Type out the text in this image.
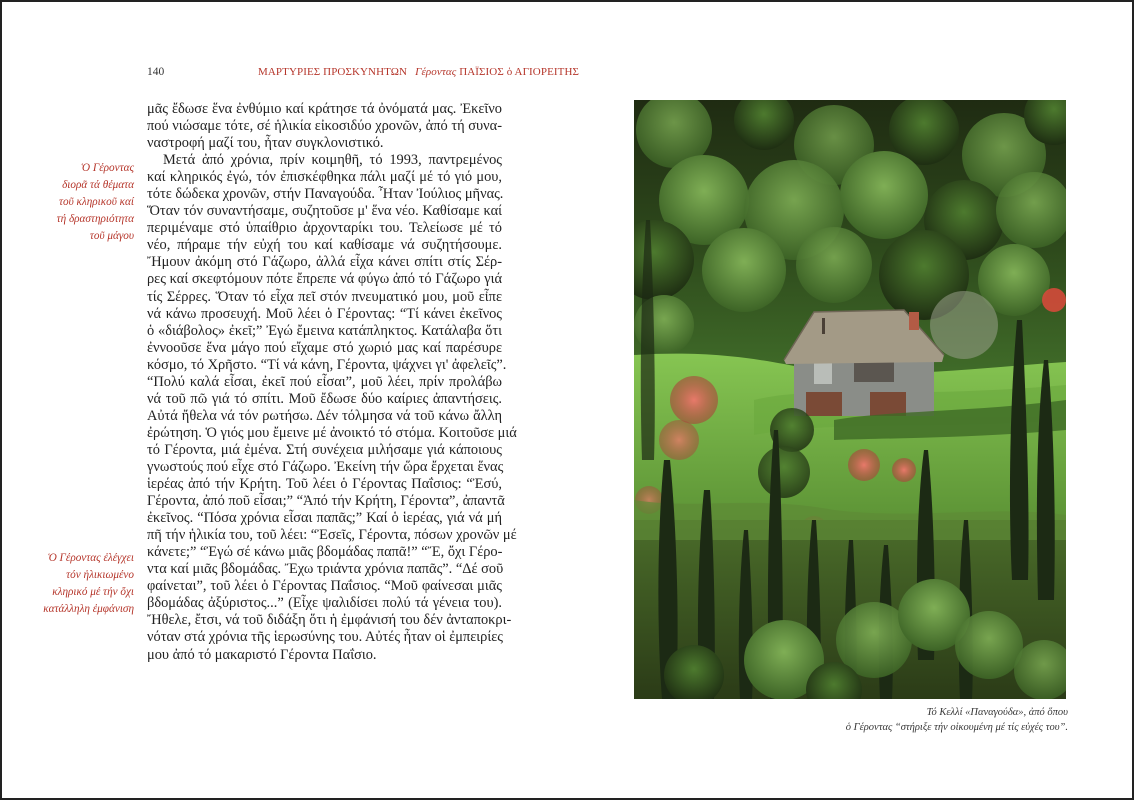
140	ΜΑΡΤΥΡΙΕΣ ΠΡΟΣΚΥΝΗΤΩΝ Γέροντας ΠΑΪΣΙΟΣ ὁ ΑΓΙΟΡΕΙΤΗΣ

μᾶς ἔδωσε ἕνα ἐνθύμιο καί κράτησε τά ὀνόματά μας. Ἐκεῖνο
πού νιώσαμε τότε, σέ ἡλικία εἰκοσιδύο χρονῶν, ἀπό τή συνα-
ναστροφή μαζί του, ἦταν συγκλονιστικό.

Μετά ἀπό χρόνια, πρίν κοιμηθῆ, τό 1993, παντρεμένος
καί κληρικός ἐγώ, τόν ἐπισκέφθηκα πάλι μαζί μέ τό γιό μου,
τότε δώδεκα χρονῶν, στήν Παναγούδα. Ἦταν Ἰούλιος μῆνας.
Ὅταν τόν συναντήσαμε, συζητοῦσε μ' ἕνα νέο. Καθίσαμε καί
περιμέναμε στό ὑπαίθριο ἀρχονταρίκι του. Τελείωσε μέ τό
νέο, πήραμε τήν εὐχή του καί καθίσαμε νά συζητήσουμε.
Ἤμουν ἀκόμη στό Γάζωρο, ἀλλά εἶχα κάνει σπίτι στίς Σέρ-
ρες καί σκεφτόμουν πότε ἔπρεπε νά φύγω ἀπό τό Γάζωρο γιά
τίς Σέρρες. Ὅταν τό εἶχα πεῖ στόν πνευματικό μου, μοῦ εἶπε
νά κάνω προσευχή. Μοῦ λέει ὁ Γέροντας: “Τί κάνει ἐκεῖνος
ὁ «διάβολος» ἐκεῖ;” Ἐγώ ἔμεινα κατάπληκτος. Κατάλαβα ὅτι
ἐννοοῦσε ἕνα μάγο πού εἴχαμε στό χωριό μας καί παρέσυρε
κόσμο, τό Χρῆστο. “Τί νά κάνη, Γέροντα, ψάχνει γι' ἀφελεῖς”.
“Πολύ καλά εἶσαι, ἐκεῖ πού εἶσαι”, μοῦ λέει, πρίν προλάβω
νά τοῦ πῶ γιά τό σπίτι. Μοῦ ἔδωσε δύο καίριες ἀπαντήσεις.
Αὐτά ἤθελα νά τόν ρωτήσω. Δέν τόλμησα νά τοῦ κάνω ἄλλη
ἐρώτηση. Ὁ γιός μου ἔμεινε μέ ἀνοικτό τό στόμα. Κοιτοῦσε μιά
τό Γέροντα, μιά ἐμένα. Στή συνέχεια μιλήσαμε γιά κάποιους
γνωστούς πού εἶχε στό Γάζωρο. Ἐκείνη τήν ὥρα ἔρχεται ἕνας
ἱερέας ἀπό τήν Κρήτη. Τοῦ λέει ὁ Γέροντας Παΐσιος: “Ἐσύ,
Γέροντα, ἀπό ποῦ εἶσαι;” “Ἀπό τήν Κρήτη, Γέροντα”, ἀπαντᾶ
ἐκεῖνος. “Πόσα χρόνια εἶσαι παπᾶς;” Καί ὁ ἱερέας, γιά νά μή
πῆ τήν ἡλικία του, τοῦ λέει: “Ἐσεῖς, Γέροντα, πόσων χρονῶν μέ
κάνετε;” “Ἐγώ σέ κάνω μιᾶς βδομάδας παπᾶ!” “Ἔ, ὄχι Γέρο-
ντα καί μιᾶς βδομάδας. Ἔχω τριάντα χρόνια παπᾶς”. “Δέ σοῦ
φαίνεται”, τοῦ λέει ὁ Γέροντας Παΐσιος. “Μοῦ φαίνεσαι μιᾶς
βδομάδας ἀξύριστος...” (Εἶχε ψαλιδίσει πολύ τά γένεια του).
Ἤθελε, ἔτσι, νά τοῦ διδάξη ὅτι ἡ ἐμφάνισή του δέν ἀνταποκρι-
νόταν στά χρόνια τῆς ἱερωσύνης του. Αὐτές ἦταν οἱ ἐμπειρίες
μου ἀπό τό μακαριστό Γέροντα Παΐσιο.

Ὁ Γέροντας
διορᾶ τά θέματα
τοῦ κληρικοῦ καί
τή δραστηριότητα
τοῦ μάγου
Ὁ Γέροντας ἐλέγχει
τόν ἡλικιωμένο
κληρικό μέ τήν ὄχι
κατάλληλη ἐμφάνιση
Τό Κελλί «Παναγούδα», ἀπό ὅπου
ὁ Γέροντας “στήριξε τήν οἰκουμένη μέ τίς εὐχές του”.
